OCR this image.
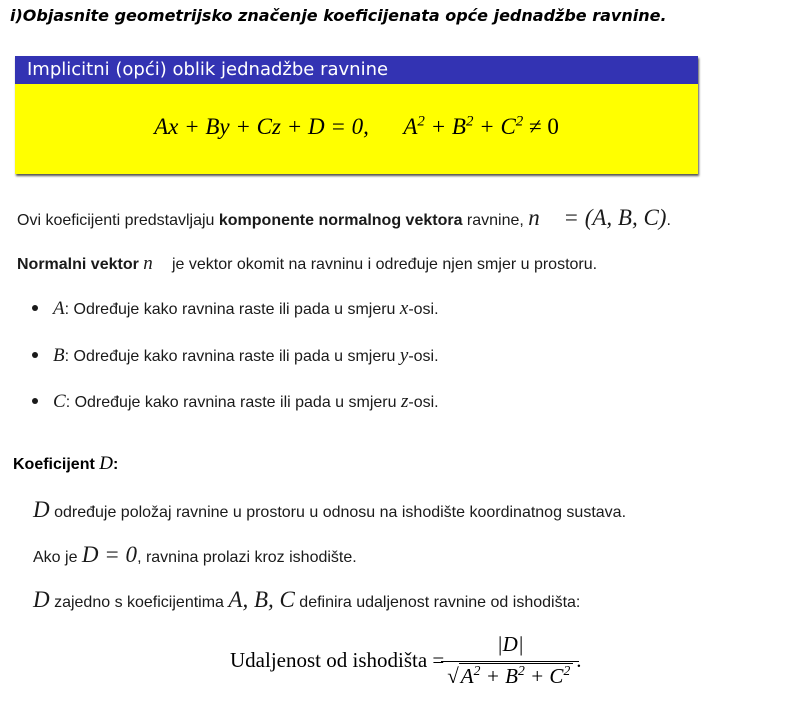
i)Objasnite geometrijsko značenje koeficijenata opće jednadžbe ravnine.
Implicitni (opći) oblik jednadžbe ravnine
Ax + By + Cz + D = 0, $A^2 + B^2 + C^2 \ne 0$
Ovi koeficijenti predstavljaju komponente normalnog vektora ravnine, n⃗ = (A, B, C).
Normalni vektor n⃗ je vektor okomit na ravninu i određuje njen smjer u prostoru.
A: Određuje kako ravnina raste ili pada u smjeru x-osi.
B: Određuje kako ravnina raste ili pada u smjeru y-osi.
C: Određuje kako ravnina raste ili pada u smjeru z-osi.
Koeficijent D:
D određuje položaj ravnine u prostoru u odnosu na ishodište koordinatnog sustava.
Ako je D = 0, ravnina prolazi kroz ishodište.
D zajedno s koeficijentima A, B, C definira udaljenost ravnine od ishodišta:
Udaljenost od ishodišta = $\frac{|D|}{√A^2 + B^2 + C^2}$ .
